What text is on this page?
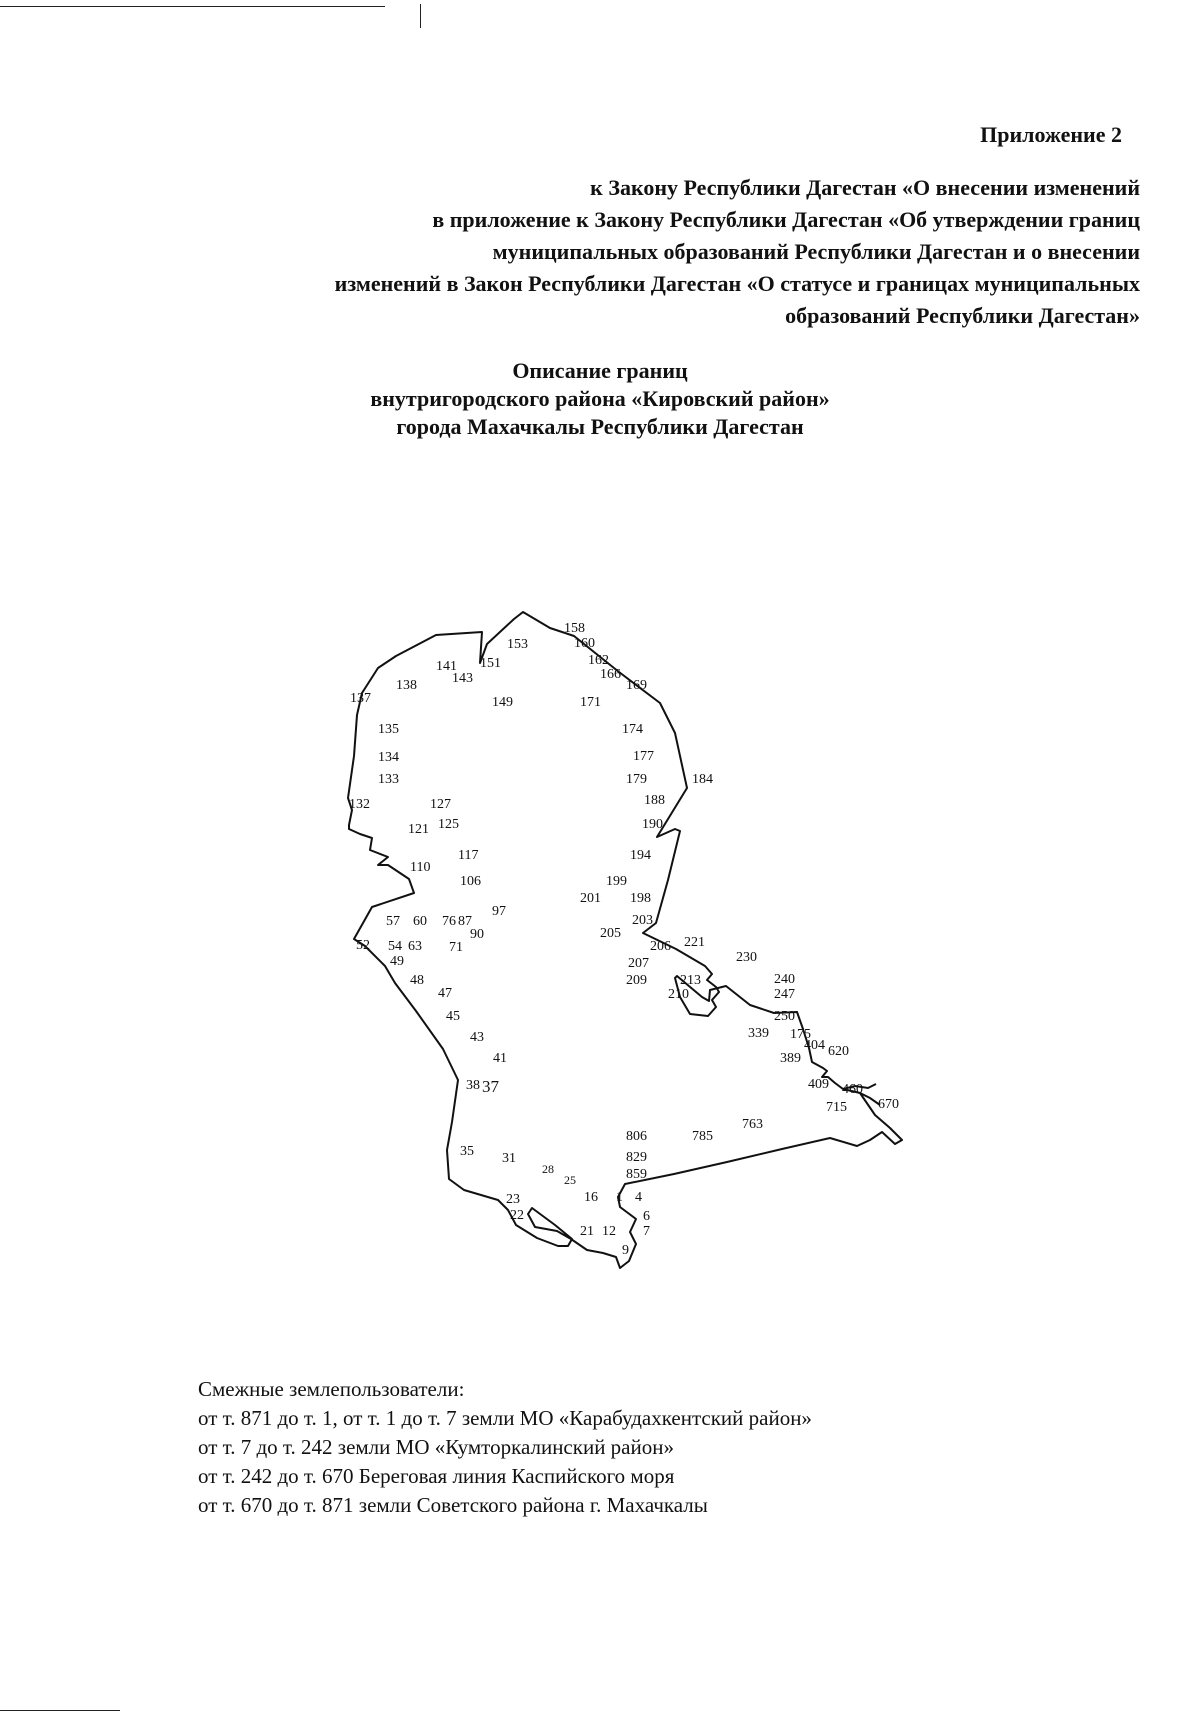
Приложение 2
к Закону Республики Дагестан «О внесении изменений
в приложение к Закону Республики Дагестан «Об утверждении границ
муниципальных образований Республики Дагестан и о внесении
изменений в Закон Республики Дагестан «О статусе и границах муниципальных
образований Республики Дагестан»
Описание границ
внутригородского района «Кировский район»
города Махачкалы Республики Дагестан
158
153	160
151	162
141
166
143
138	169
137	149	171
135	174
134	177
133	179	184
188
132	127
125
121	190
117	194
110
106	199
201 198
97
57 60 76 87	203
90	205
206 221
52 54 63 71
49	230
207
48	213
209	240
47	210	247
45	250
339 175
404
43
389 620
41
409 460
38 37
715 670
806	785
763
35 31	829
28	859
25
16
23	1 4
22	6
21 12 7
9
Смежные землепользователи:
от т. 871 до т. 1, от т. 1 до т. 7 земли МО «Карабудахкентский район»
от т. 7 до т. 242 земли МО «Кумторкалинский район»
от т. 242 до т. 670 Береговая линия Каспийского моря
от т. 670 до т. 871 земли Советского района г. Махачкалы
